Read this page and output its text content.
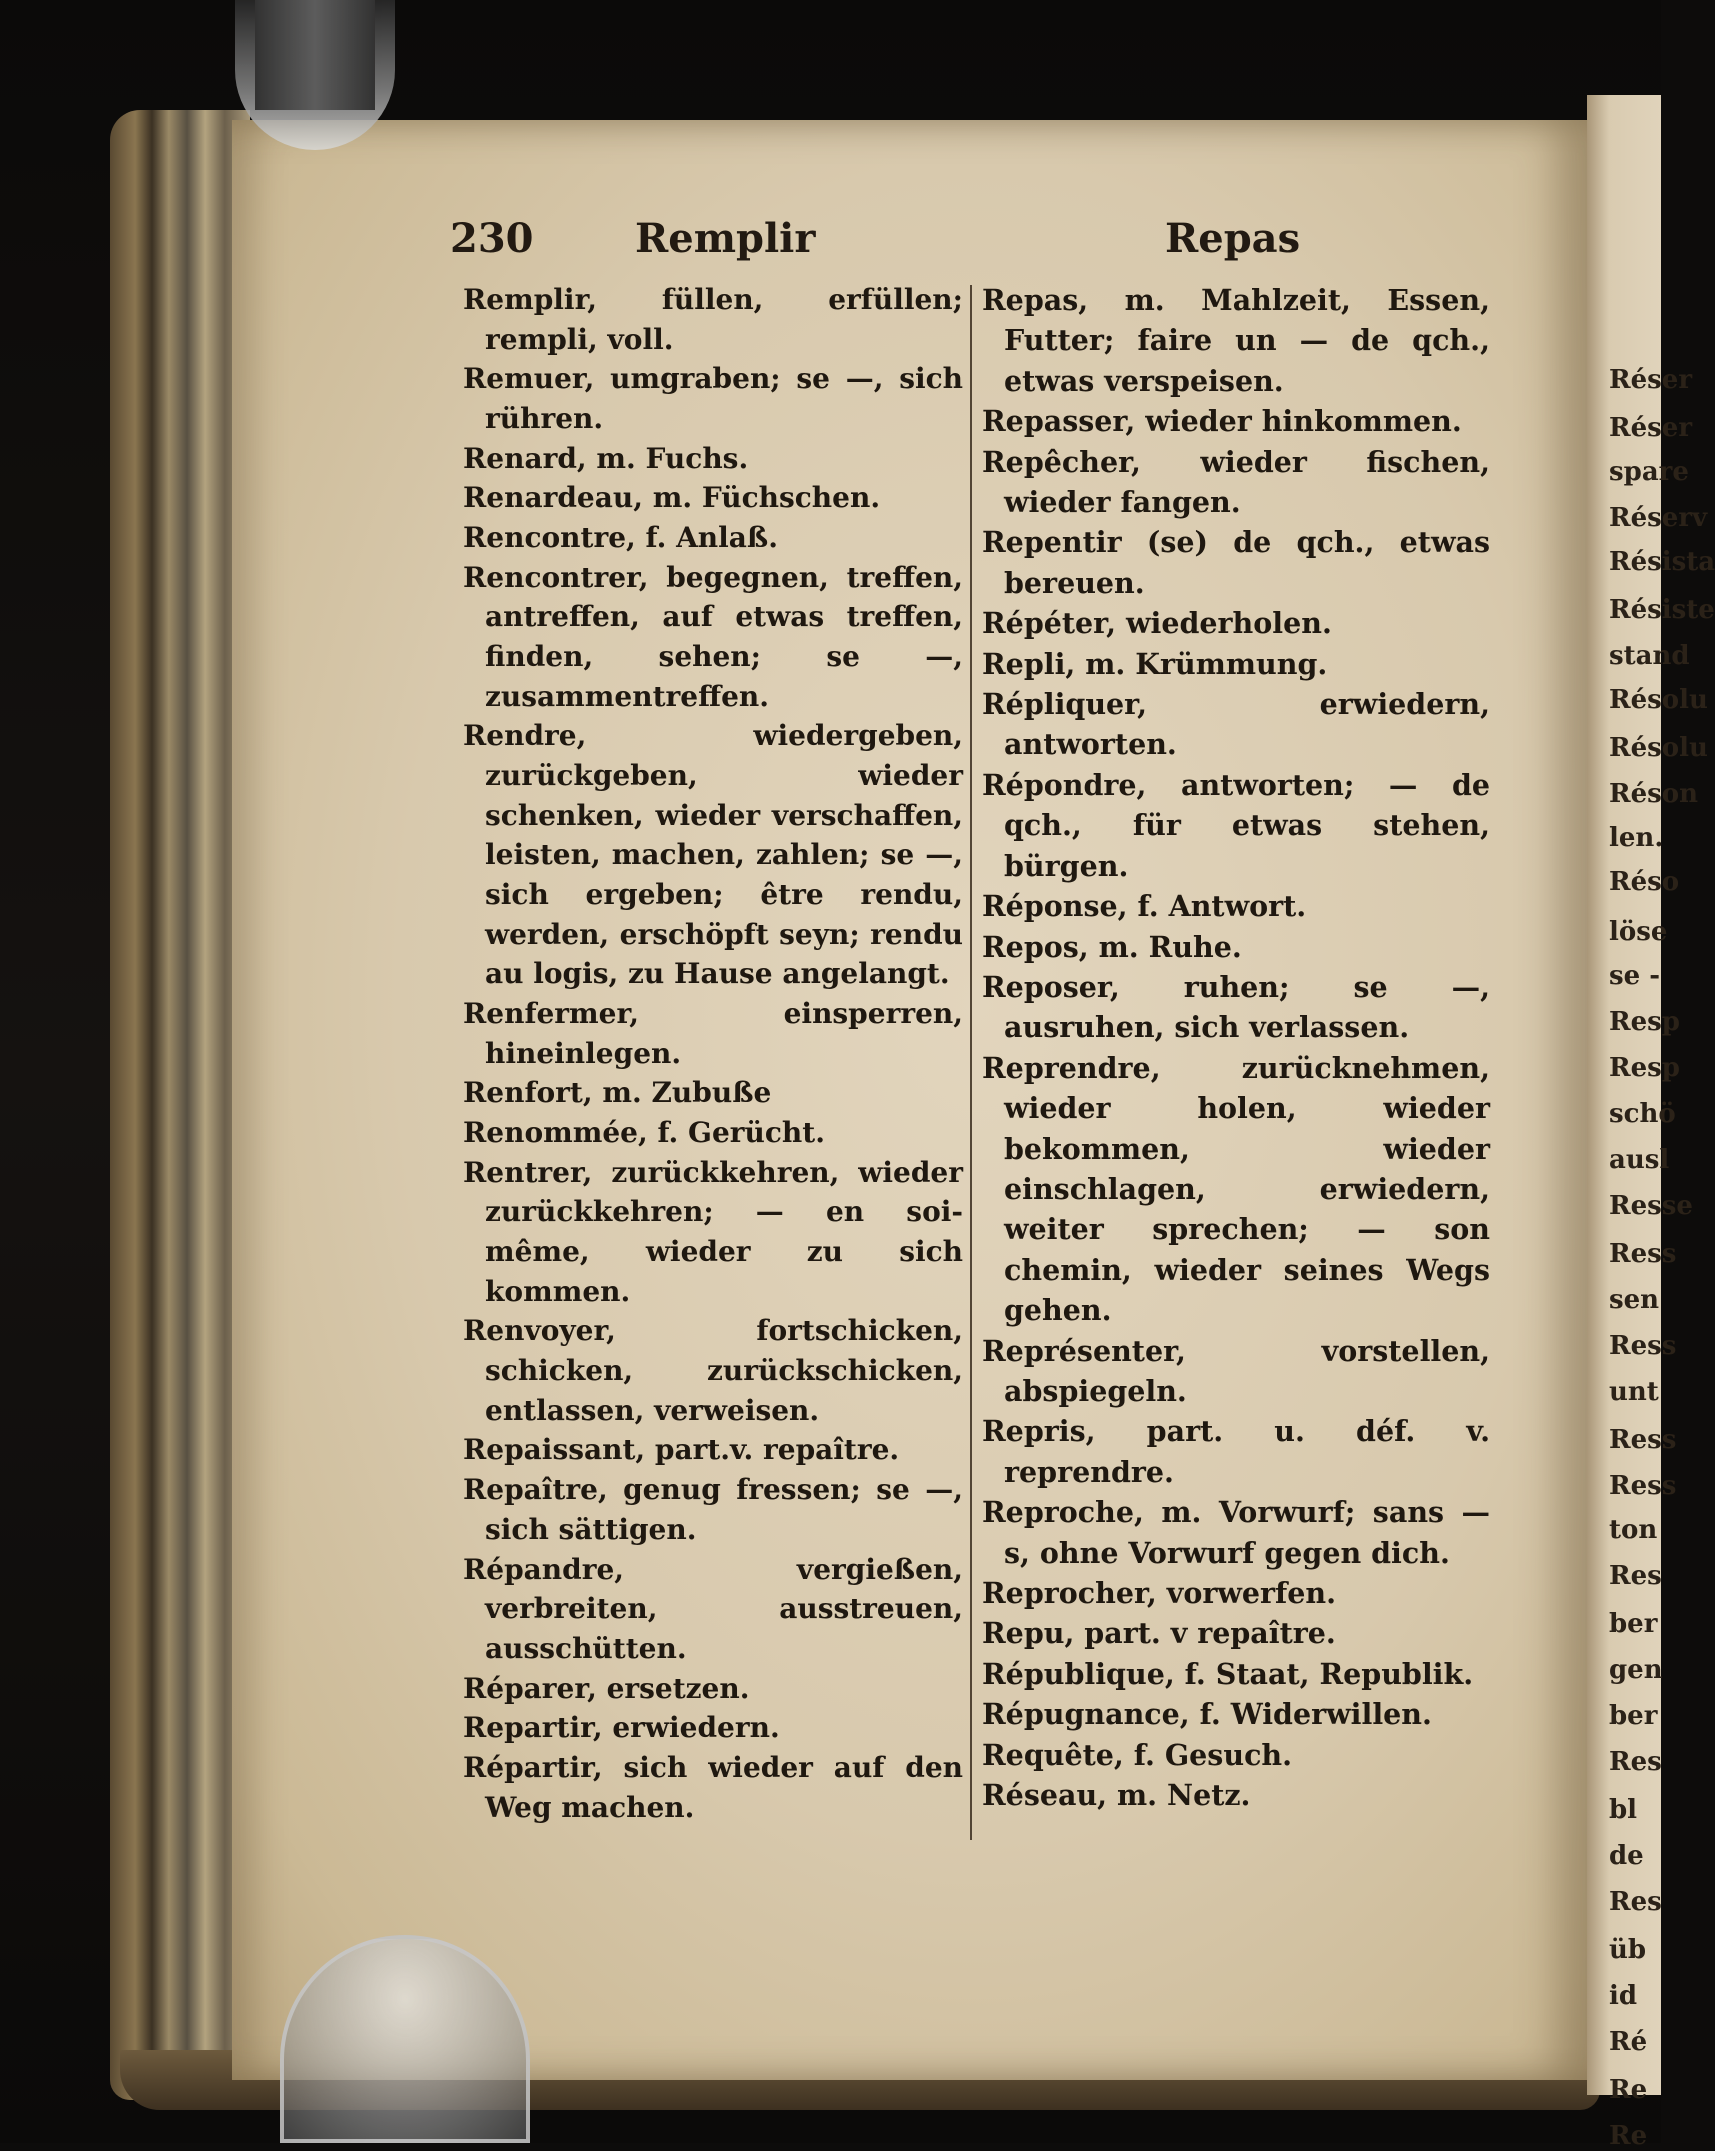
Réser
Réser
spare
Réserv
Résista
Résiste
stand
Résolu
Résolu
Réson
len.
Réso
löse
se -
Resp
Resp
schö
ausl
Resse
Ress
sen
Ress
unt
Ress
Ress
ton
Res
ber
gen
ber
Res
bl
de
Res
üb
id
Ré
Re
Re
230	Remplir	Repas

Remplir, füllen, erfüllen; rempli, voll.

Remuer, umgraben; se —, sich rühren.

Renard, m. Fuchs.

Renardeau, m. Füchschen.

Rencontre, f. Anlaß.

Rencontrer, begegnen, treffen, antreffen, auf etwas treffen, finden, sehen; se —, zusammentreffen.

Rendre, wiedergeben, zurückgeben, wieder schenken, wieder verschaffen, leisten, machen, zahlen; se —, sich ergeben; être rendu, werden, erschöpft seyn; rendu au logis, zu Hause angelangt.

Renfermer, einsperren, hineinlegen.

Renfort, m. Zubuße

Renommée, f. Gerücht.

Rentrer, zurückkehren, wieder zurückkehren; — en soi-même, wieder zu sich kommen.

Renvoyer, fortschicken, schicken, zurückschicken, entlassen, verweisen.

Repaissant, part.v. repaître.

Repaître, genug fressen; se —, sich sättigen.

Répandre, vergießen, verbreiten, ausstreuen, ausschütten.

Réparer, ersetzen.

Repartir, erwiedern.

Répartir, sich wieder auf den Weg machen.

Repas, m. Mahlzeit, Essen, Futter; faire un — de qch., etwas verspeisen.

Repasser, wieder hinkommen.

Repêcher, wieder fischen, wieder fangen.

Repentir (se) de qch., etwas bereuen.

Répéter, wiederholen.

Repli, m. Krümmung.

Répliquer, erwiedern, antworten.

Répondre, antworten; — de qch., für etwas stehen, bürgen.

Réponse, f. Antwort.

Repos, m. Ruhe.

Reposer, ruhen; se —, ausruhen, sich verlassen.

Reprendre, zurücknehmen, wieder holen, wieder bekommen, wieder einschlagen, erwiedern, weiter sprechen; — son chemin, wieder seines Wegs gehen.

Représenter, vorstellen, abspiegeln.

Repris, part. u. déf. v. reprendre.

Reproche, m. Vorwurf; sans — s, ohne Vorwurf gegen dich.

Reprocher, vorwerfen.

Repu, part. v repaître.

République, f. Staat, Republik.

Répugnance, f. Widerwillen.

Requête, f. Gesuch.

Réseau, m. Netz.
